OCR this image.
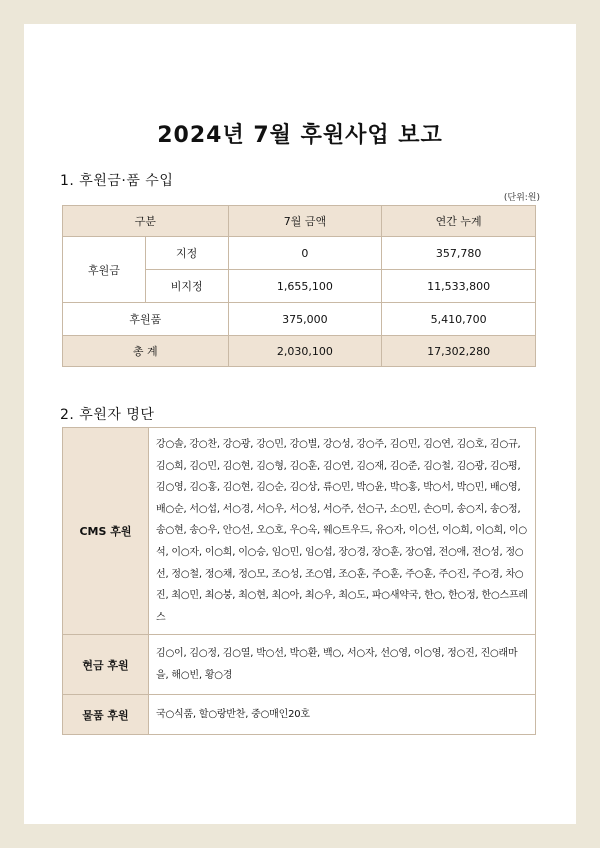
2024년 7월 후원사업 보고
1. 후원금·품 수입
(단위:원)
구분		7월 금액	연간 누계
후원금	지정	0	357,780
	비지정	1,655,100	11,533,800
후원품		375,000	5,410,700
총 계		2,030,100	17,302,280
2. 후원자 명단
CMS 후원	강○솔, 강○찬, 강○광, 강○민, 강○별, 강○성, 강○주, 김○민, 김○연, 김○호, 김○규, 김○희, 김○민, 김○현, 김○형, 김○훈, 김○연, 김○재, 김○준, 김○철, 김○광, 김○평, 김○영, 김○홍, 김○현, 김○순, 김○상, 류○민, 박○윤, 박○홍, 박○서, 박○민, 배○영, 배○순, 서○섭, 서○경, 서○우, 서○성, 서○주, 선○구, 소○민, 손○미, 송○지, 송○정, 송○현, 송○우, 안○선, 오○호, 우○옥, 웨○트우드, 유○자, 이○선, 이○희, 이○희, 이○석, 이○자, 이○희, 이○승, 임○민, 임○섭, 장○경, 장○훈, 장○엽, 전○애, 전○성, 정○선, 정○철, 정○채, 정○모, 조○성, 조○엽, 조○훈, 주○훈, 주○훈, 주○진, 주○경, 차○진, 최○민, 최○붕, 최○현, 최○아, 최○우, 최○도, 파○새약국, 한○, 한○정, 한○스프레스
현금 후원	김○이, 김○정, 김○열, 박○선, 박○환, 백○, 서○자, 선○영, 이○영, 정○진, 진○래마을, 해○빈, 황○경
물품 후원	국○식품, 할○랑반찬, 중○매인20호
